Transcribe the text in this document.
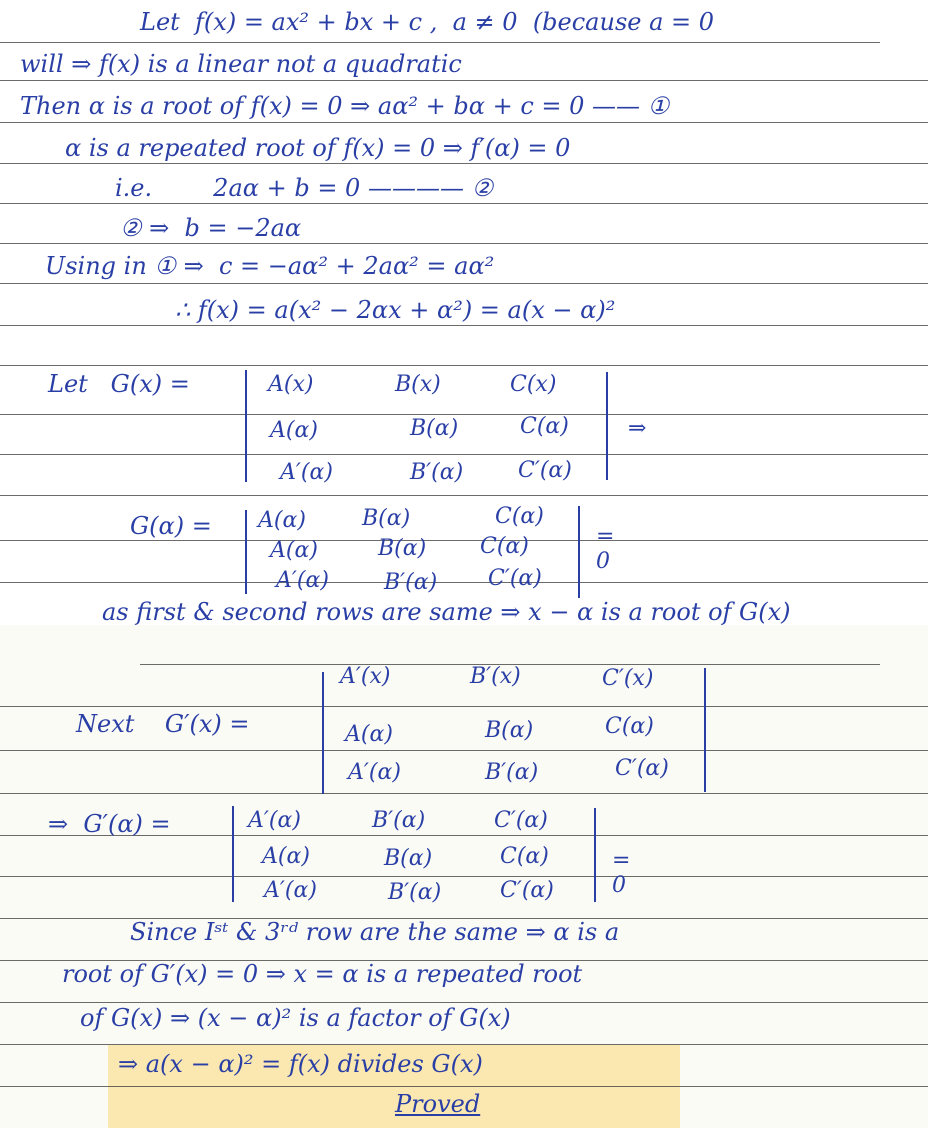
Let  f(x) = ax² + bx + c ,  a ≠ 0  (because a = 0
will ⇒ f(x) is a linear not a quadratic
Then α is a root of f(x) = 0 ⇒ aα² + bα + c = 0 —— ①
α is a repeated root of f(x) = 0 ⇒ f′(α) = 0
i.e.        2aα + b = 0 ———— ②
② ⇒  b = −2aα
Using in ① ⇒  c = −aα² + 2aα² = aα²
∴ f(x) = a(x² − 2αx + α²) = a(x − α)²
Let   G(x) =	A(x)	B(x)	C(x)
A(α)	B(α)	C(α)
A′(α)	B′(α) C′(α)
⇒
G(α) = A(α)	B(α)	C(α)
A(α)	B(α) C(α)
A′(α)	B′(α) C′(α)
= 0
as first & second rows are same ⇒ x − α is a root of G(x)
Next    G′(x) =
A′(x)	B′(x)	C′(x)
A(α)	B(α)	C(α)
A′(α)	B′(α)	C′(α)
⇒  G′(α) =	A′(α)	B′(α)	C′(α)
A(α)	B(α)	C(α)
A′(α)	B′(α)	C′(α)
= 0
Since Iˢᵗ & 3ʳᵈ row are the same ⇒ α is a
root of G′(x) = 0 ⇒ x = α is a repeated root
of G(x) ⇒ (x − α)² is a factor of G(x)
⇒ a(x − α)² = f(x) divides G(x)
Proved
